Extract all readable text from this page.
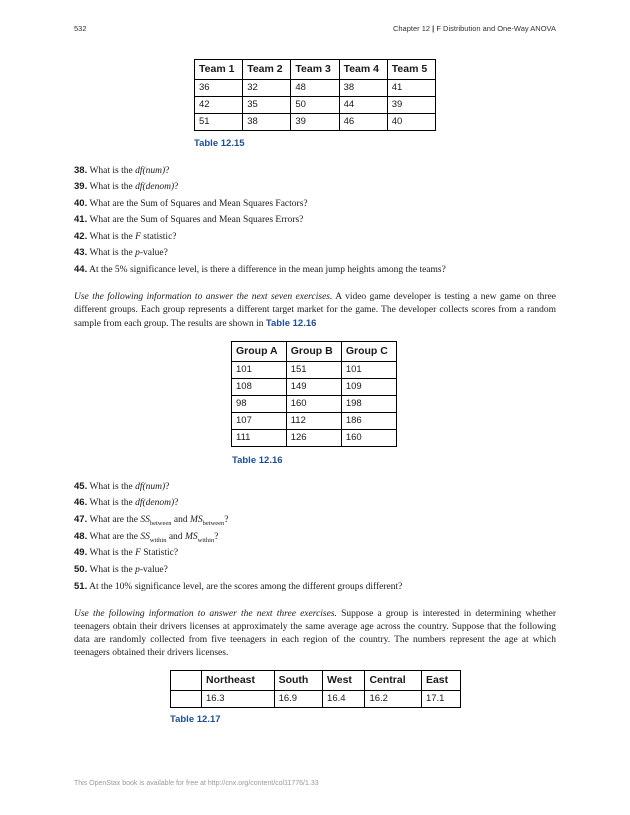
532	Chapter 12 | F Distribution and One-Way ANOVA
Team 1	Team 2	Team 3	Team 4	Team 5
36	32	48	38	41
42	35	50	44	39
51	38	39	46	40
Table 12.15
38. What is the df(num)?
39. What is the df(denom)?
40. What are the Sum of Squares and Mean Squares Factors?
41. What are the Sum of Squares and Mean Squares Errors?
42. What is the F statistic?
43. What is the p-value?
44. At the 5% significance level, is there a difference in the mean jump heights among the teams?
Use the following information to answer the next seven exercises. A video game developer is testing a new game on three different groups. Each group represents a different target market for the game. The developer collects scores from a random sample from each group. The results are shown in Table 12.16
Group A	Group B	Group C
101	151	101
108	149	109
98	160	198
107	112	186
111	126	160
Table 12.16
45. What is the df(num)?
46. What is the df(denom)?
47. What are the $SS_{between}$ and $MS_{between}$?
48. What are the $SS_{within}$ and $MS_{within}$?
49. What is the F Statistic?
50. What is the p-value?
51. At the 10% significance level, are the scores among the different groups different?
Use the following information to answer the next three exercises. Suppose a group is interested in determining whether teenagers obtain their drivers licenses at approximately the same average age across the country. Suppose that the following data are randomly collected from five teenagers in each region of the country. The numbers represent the age at which teenagers obtained their drivers licenses.
	Northeast	South	West	Central	East
	16.3	16.9	16.4	16.2	17.1
Table 12.17
This OpenStax book is available for free at http://cnx.org/content/col11776/1.33
